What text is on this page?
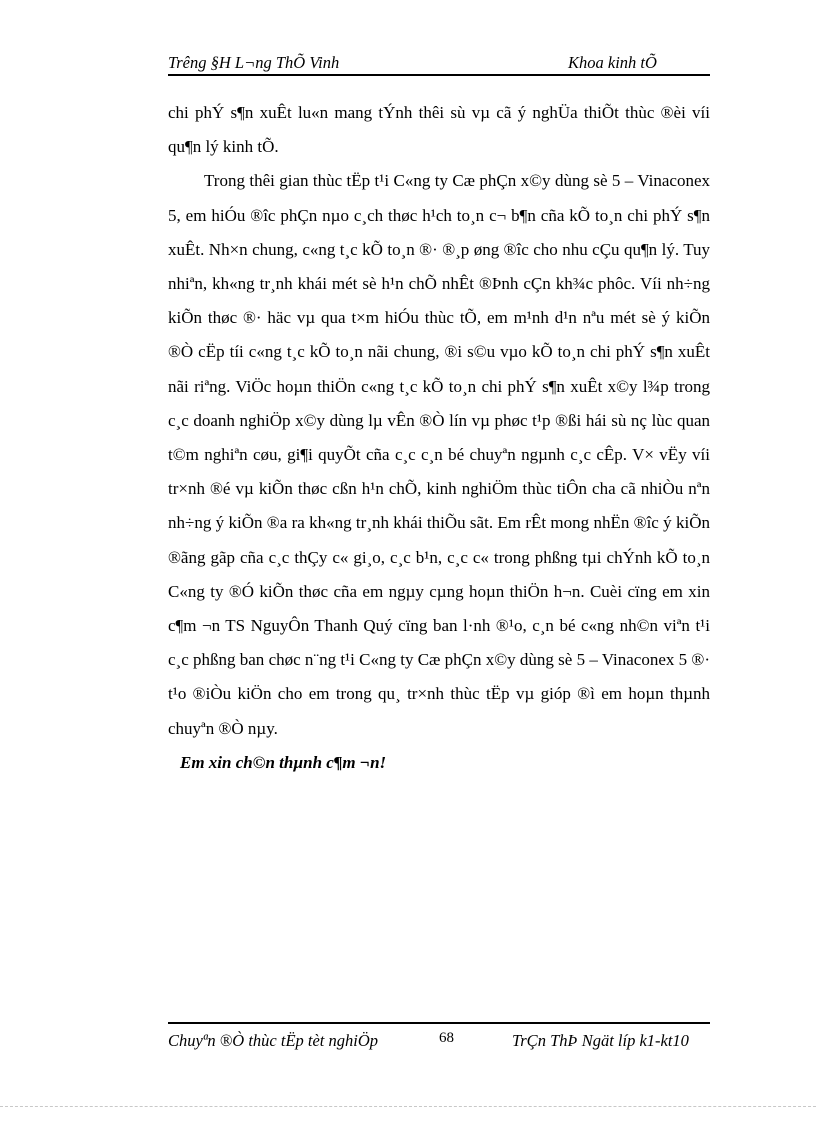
Trêng §H L¬ng ThÕ Vinh	Khoa kinh tÕ

chi phÝ s¶n xuÊt lu«n mang tÝnh thêi sù vµ cã ý nghÜa thiÕt thùc ®èi víi qu¶n lý kinh tÕ.

Trong thêi gian thùc tËp t¹i C«ng ty Cæ phÇn x©y dùng sè 5 – Vinaconex 5, em hiÓu ®îc phÇn nµo c¸ch thøc h¹ch to¸n c¬ b¶n cña kÕ to¸n chi phÝ s¶n xuÊt. Nh×n chung, c«ng t¸c kÕ to¸n ®· ®¸p øng ®îc cho nhu cÇu qu¶n lý. Tuy nhiªn, kh«ng tr¸nh khái mét sè h¹n chÕ nhÊt ®Þnh cÇn kh¾c phôc. Víi nh÷ng kiÕn thøc ®· häc vµ qua t×m hiÓu thùc tÕ, em m¹nh d¹n nªu mét sè ý kiÕn ®Ò cËp tíi c«ng t¸c kÕ to¸n nãi chung, ®i s©u vµo kÕ to¸n chi phÝ s¶n xuÊt nãi riªng. ViÖc hoµn thiÖn c«ng t¸c kÕ to¸n chi phÝ s¶n xuÊt x©y l¾p trong c¸c doanh nghiÖp x©y dùng lµ vÊn ®Ò lín vµ phøc t¹p ®ßi hái sù nç lùc quan t©m nghiªn cøu, gi¶i quyÕt cña c¸c c¸n bé chuyªn ngµnh c¸c cÊp. V× vËy víi tr×nh ®é vµ kiÕn thøc cßn h¹n chÕ, kinh nghiÖm thùc tiÔn cha cã nhiÒu nªn nh÷ng ý kiÕn ®a ra kh«ng tr¸nh khái thiÕu sãt. Em rÊt mong nhËn ®îc ý kiÕn ®ãng gãp cña c¸c thÇy c« gi¸o, c¸c b¹n, c¸c c« trong phßng tµi chÝnh kÕ to¸n C«ng ty ®Ó kiÕn thøc cña em ngµy cµng hoµn thiÖn h¬n. Cuèi cïng em xin c¶m ¬n TS NguyÔn Thanh Quý cïng ban l·nh ®¹o, c¸n bé c«ng nh©n viªn t¹i c¸c phßng ban chøc n¨ng t¹i C«ng ty Cæ phÇn x©y dùng sè 5 – Vinaconex 5 ®· t¹o ®iÒu kiÖn cho em trong qu¸ tr×nh thùc tËp vµ gióp ®ì em hoµn thµnh chuyªn ®Ò nµy.

Em xin ch©n thµnh c¶m ¬n!

Chuyªn ®Ò thùc tËp tèt nghiÖp	68	TrÇn ThÞ Ngät líp k1-kt10
